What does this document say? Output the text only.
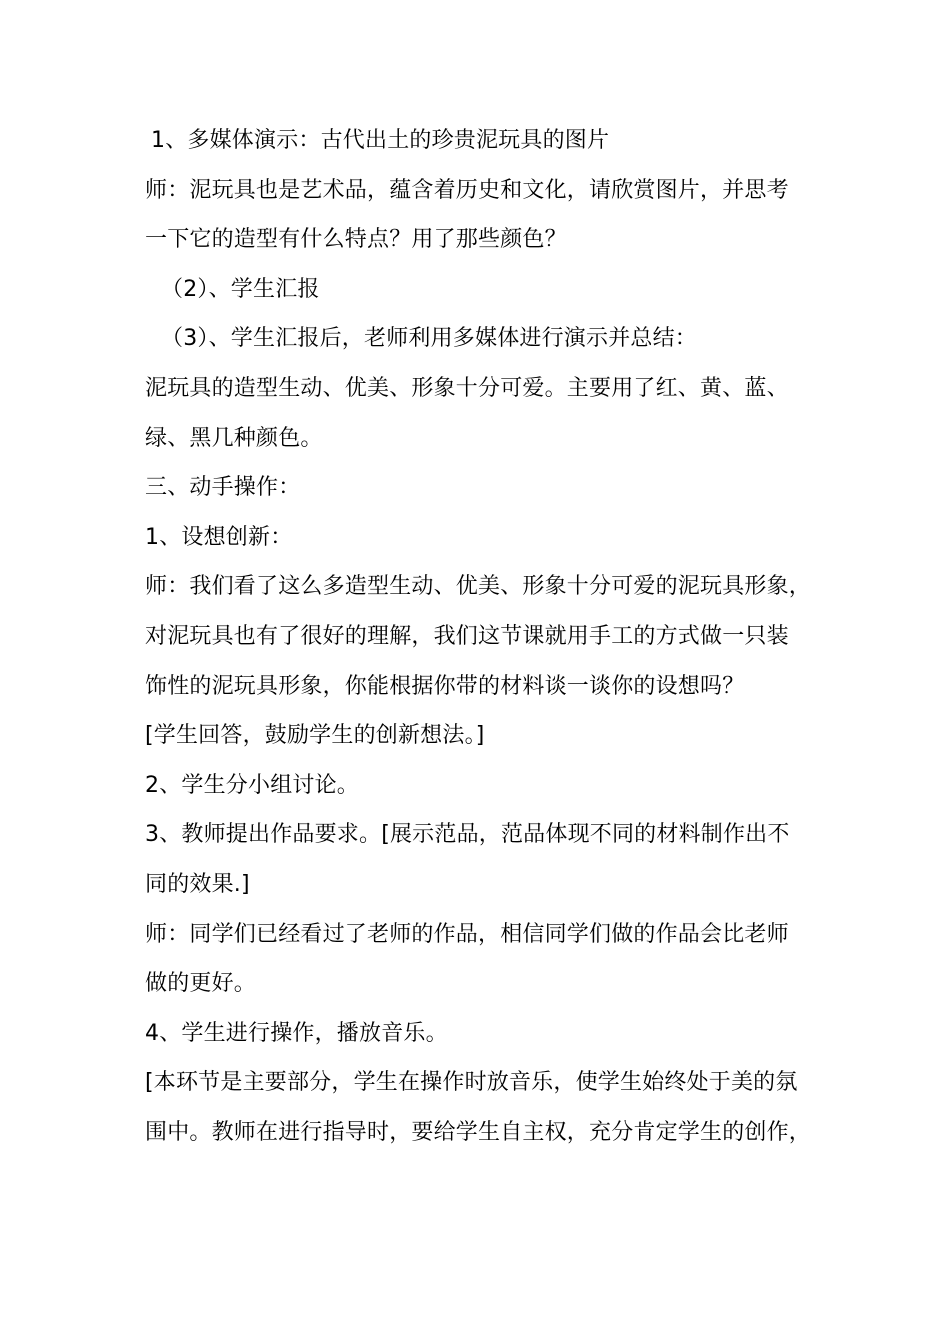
1、多媒体演示：古代出土的珍贵泥玩具的图片
师：泥玩具也是艺术品，蕴含着历史和文化，请欣赏图片，并思考
一下它的造型有什么特点？用了那些颜色？
（2）、学生汇报
（3）、学生汇报后，老师利用多媒体进行演示并总结：
泥玩具的造型生动、优美、形象十分可爱。主要用了红、黄、蓝、
绿、黑几种颜色。
三、动手操作：
1、设想创新：
师：我们看了这么多造型生动、优美、形象十分可爱的泥玩具形象，
对泥玩具也有了很好的理解，我们这节课就用手工的方式做一只装
饰性的泥玩具形象，你能根据你带的材料谈一谈你的设想吗？
[学生回答，鼓励学生的创新想法。]
2、学生分小组讨论。
3、教师提出作品要求。[展示范品，范品体现不同的材料制作出不
同的效果.]
师：同学们已经看过了老师的作品，相信同学们做的作品会比老师
做的更好。
4、学生进行操作，播放音乐。
[本环节是主要部分，学生在操作时放音乐，使学生始终处于美的氛
围中。教师在进行指导时，要给学生自主权，充分肯定学生的创作，
